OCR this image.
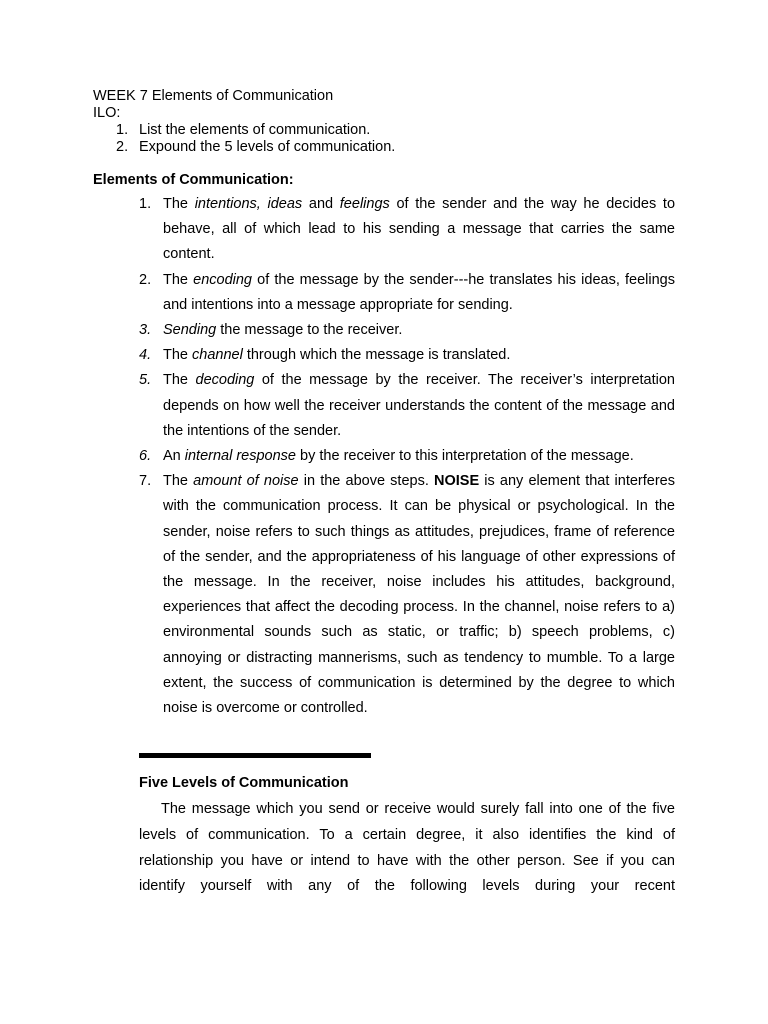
WEEK 7 Elements of Communication
ILO:
1. List the elements of communication.
2. Expound the 5 levels of communication.
Elements of Communication:
1. The intentions, ideas and feelings of the sender and the way he decides to behave, all of which lead to his sending a message that carries the same content.
2. The encoding of the message by the sender---he translates his ideas, feelings and intentions into a message appropriate for sending.
3. Sending the message to the receiver.
4. The channel through which the message is translated.
5. The decoding of the message by the receiver. The receiver’s interpretation depends on how well the receiver understands the content of the message and the intentions of the sender.
6. An internal response by the receiver to this interpretation of the message.
7. The amount of noise in the above steps. NOISE is any element that interferes with the communication process. It can be physical or psychological. In the sender, noise refers to such things as attitudes, prejudices, frame of reference of the sender, and the appropriateness of his language of other expressions of the message. In the receiver, noise includes his attitudes, background, experiences that affect the decoding process. In the channel, noise refers to a) environmental sounds such as static, or traffic; b) speech problems, c) annoying or distracting mannerisms, such as tendency to mumble. To a large extent, the success of communication is determined by the degree to which noise is overcome or controlled.
Five Levels of Communication
The message which you send or receive would surely fall into one of the five levels of communication. To a certain degree, it also identifies the kind of relationship you have or intend to have with the other person. See if you can identify yourself with any of the following levels during your recent
